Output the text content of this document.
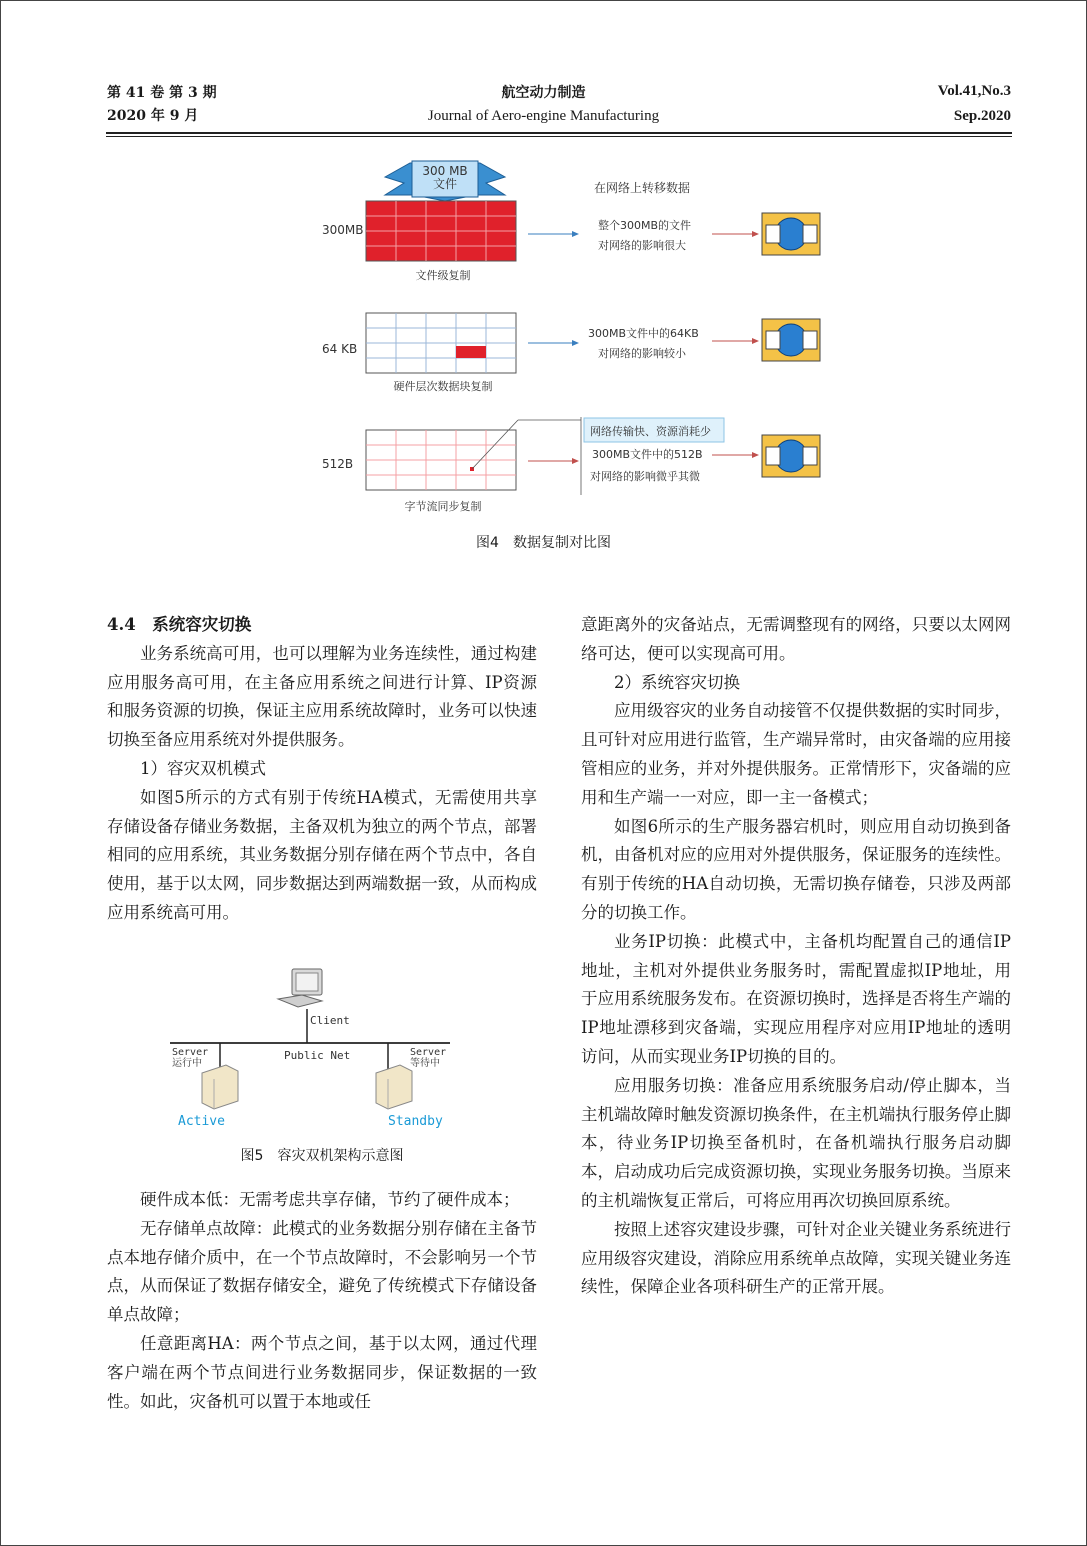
第 41 卷 第 3 期
2020 年 9 月
航空动力制造
Journal of Aero-engine Manufacturing
Vol.41,No.3
Sep.2020
300 MB
文件	在网络上转移数据
300MB
文件级复制
整个300MB的文件
对网络的影响很大
64 KB
硬件层次数据块复制
300MB文件中的64KB
对网络的影响较小
512B
字节流同步复制
网络传输快、资源消耗少
300MB文件中的512B
对网络的影响微乎其微
图4　数据复制对比图
4.4　系统容灾切换

业务系统高可用，也可以理解为业务连续性，通过构建应用服务高可用，在主备应用系统之间进行计算、IP资源和服务资源的切换，保证主应用系统故障时，业务可以快速切换至备应用系统对外提供服务。

1）容灾双机模式

如图5所示的方式有别于传统HA模式，无需使用共享存储设备存储业务数据，主备双机为独立的两个节点，部署相同的应用系统，其业务数据分别存储在两个节点中，各自使用，基于以太网，同步数据达到两端数据一致，从而构成应用系统高可用。

Client
Server
运行中
Public Net	Server
等待中
Active	Standby
图5　容灾双机架构示意图

硬件成本低：无需考虑共享存储，节约了硬件成本；

无存储单点故障：此模式的业务数据分别存储在主备节点本地存储介质中，在一个节点故障时，不会影响另一个节点，从而保证了数据存储安全，避免了传统模式下存储设备单点故障；

任意距离HA：两个节点之间，基于以太网，通过代理客户端在两个节点间进行业务数据同步，保证数据的一致性。如此，灾备机可以置于本地或任

意距离外的灾备站点，无需调整现有的网络，只要以太网网络可达，便可以实现高可用。

2）系统容灾切换

应用级容灾的业务自动接管不仅提供数据的实时同步，且可针对应用进行监管，生产端异常时，由灾备端的应用接管相应的业务，并对外提供服务。正常情形下，灾备端的应用和生产端一一对应，即一主一备模式；

如图6所示的生产服务器宕机时，则应用自动切换到备机，由备机对应的应用对外提供服务，保证服务的连续性。有别于传统的HA自动切换，无需切换存储卷，只涉及两部分的切换工作。

业务IP切换：此模式中，主备机均配置自己的通信IP地址，主机对外提供业务服务时，需配置虚拟IP地址，用于应用系统服务发布。在资源切换时，选择是否将生产端的IP地址漂移到灾备端，实现应用程序对应用IP地址的透明访问，从而实现业务IP切换的目的。

应用服务切换：准备应用系统服务启动/停止脚本，当主机端故障时触发资源切换条件，在主机端执行服务停止脚本，待业务IP切换至备机时，在备机端执行服务启动脚本，启动成功后完成资源切换，实现业务服务切换。当原来的主机端恢复正常后，可将应用再次切换回原系统。

按照上述容灾建设步骤，可针对企业关键业务系统进行应用级容灾建设，消除应用系统单点故障，实现关键业务连续性，保障企业各项科研生产的正常开展。
